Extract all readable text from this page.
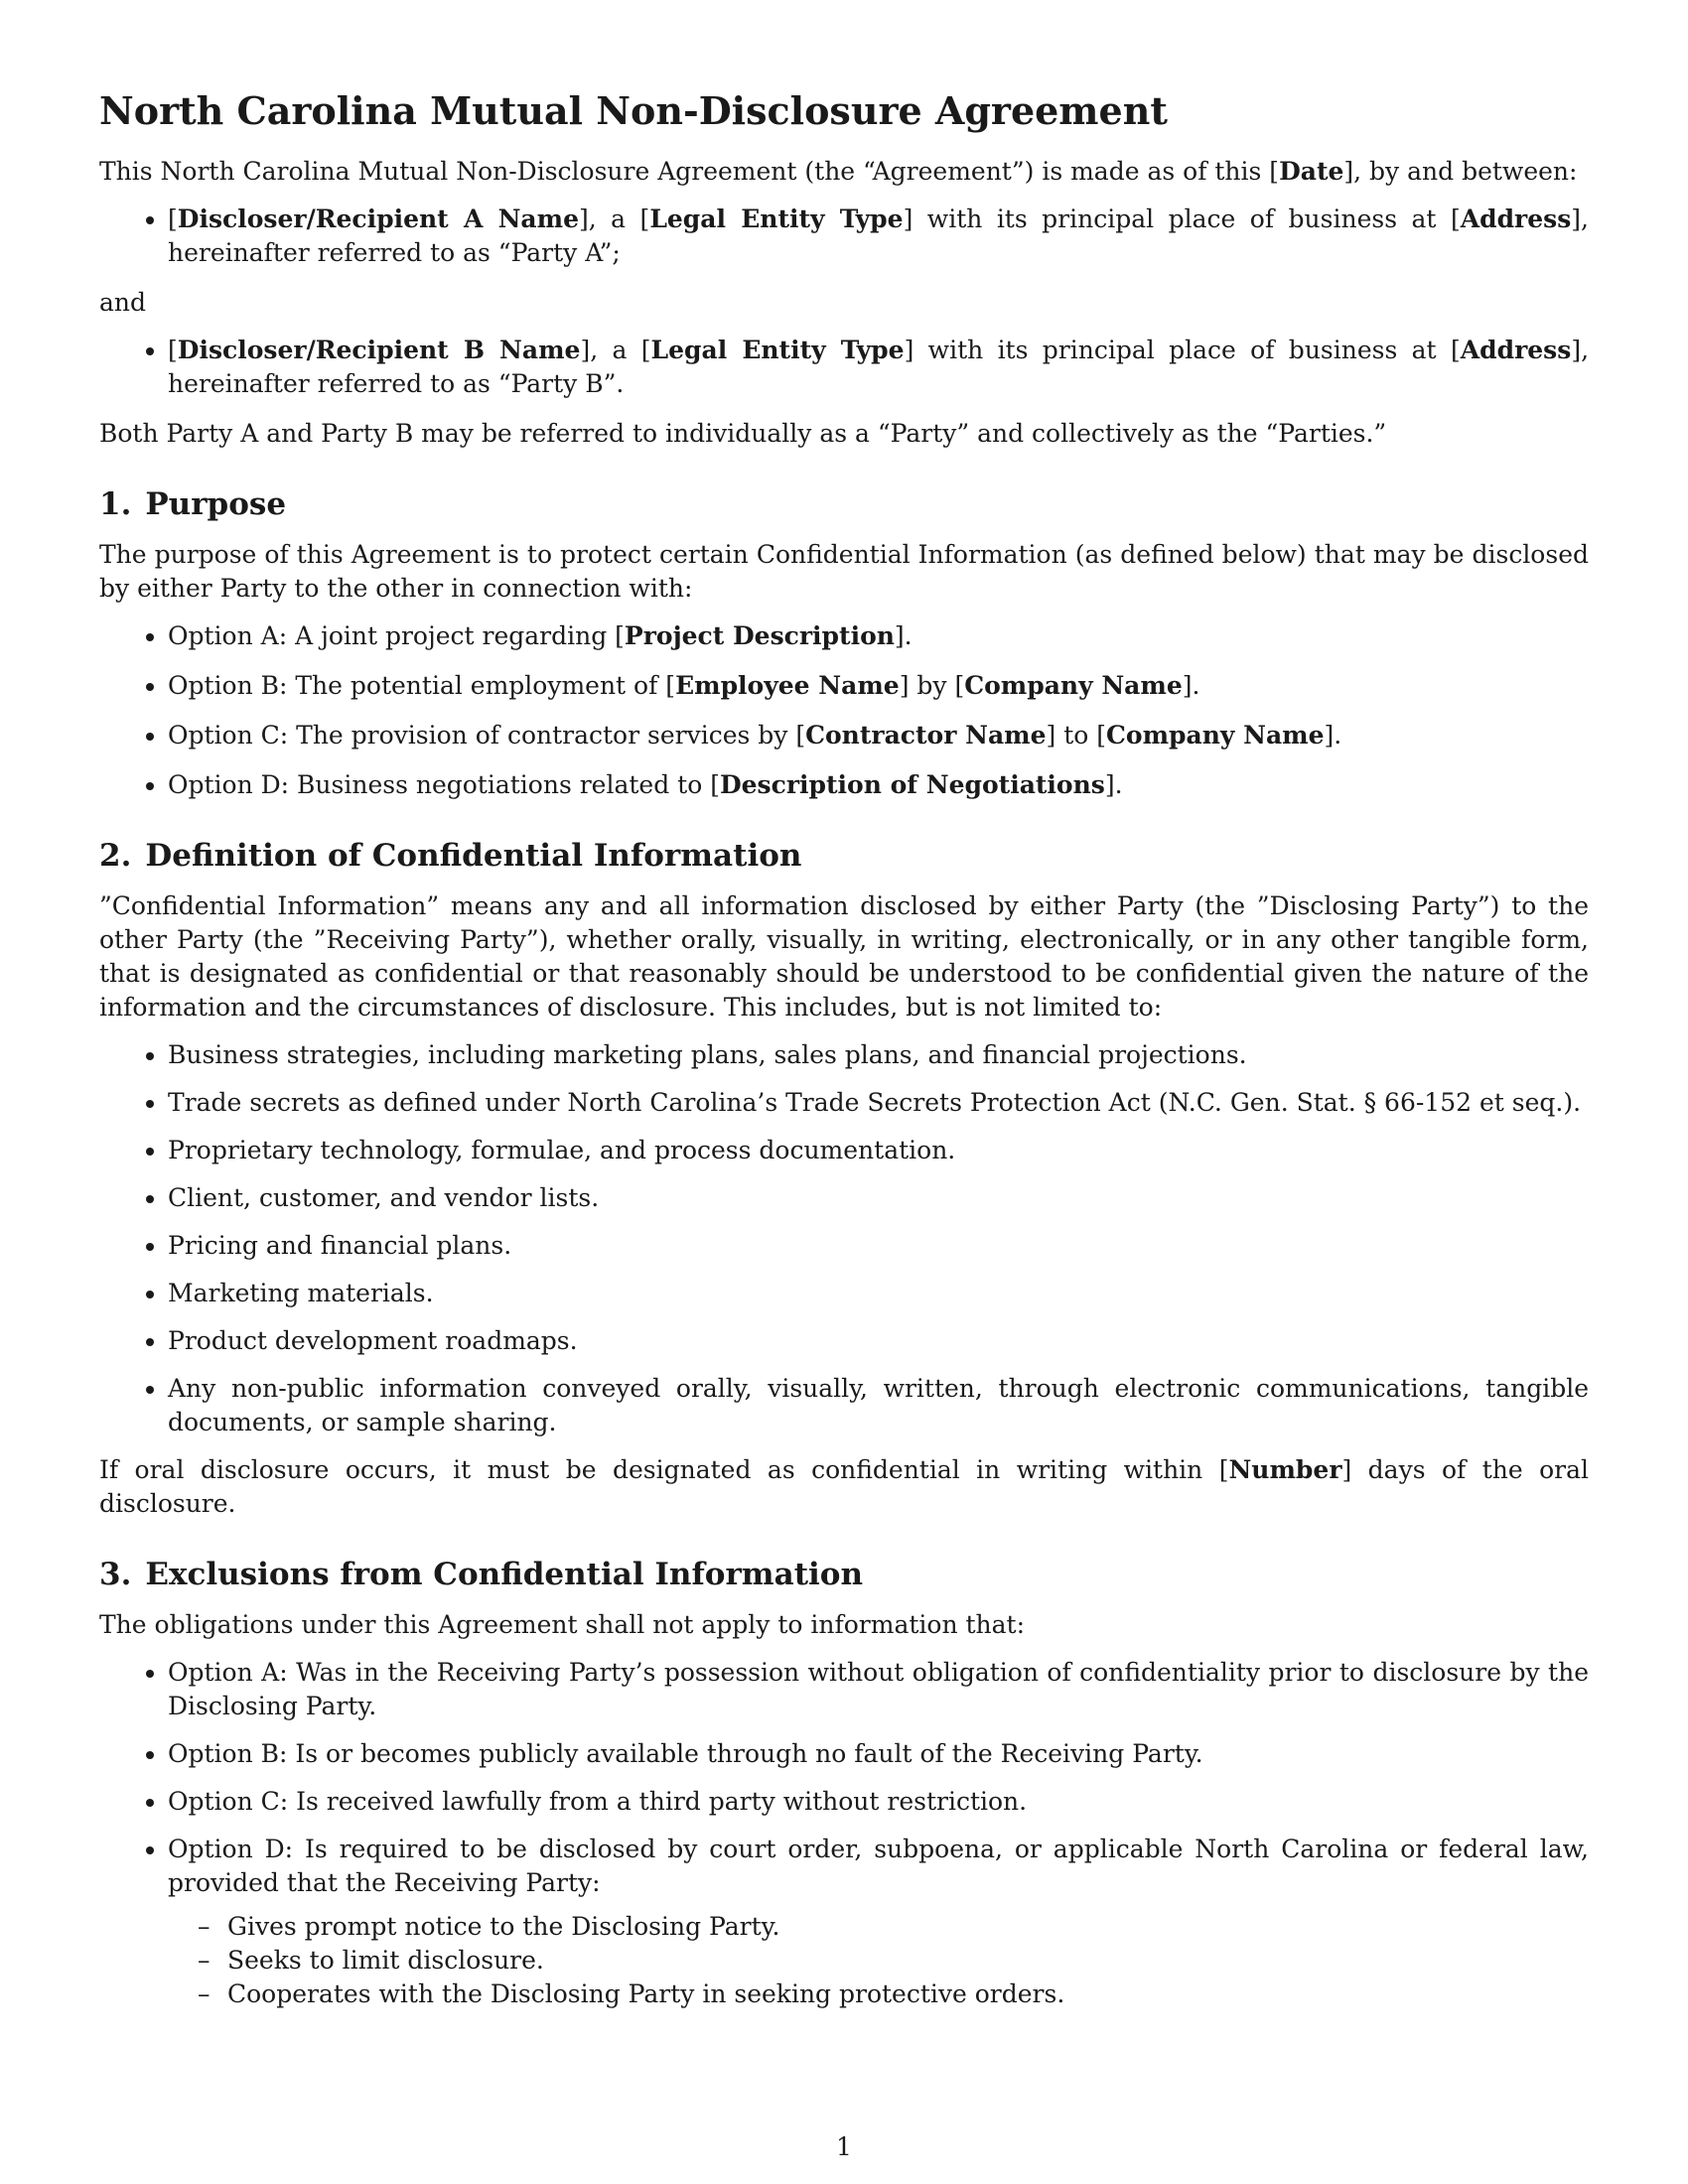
North Carolina Mutual Non-Disclosure Agreement

This North Carolina Mutual Non-Disclosure Agreement (the “Agreement”) is made as of this [Date], by and between:

• [Discloser/Recipient A Name], a [Legal Entity Type] with its principal place of business at [Address], hereinafter referred to as “Party A”;

and

• [Discloser/Recipient B Name], a [Legal Entity Type] with its principal place of business at [Address], hereinafter referred to as “Party B”.

Both Party A and Party B may be referred to individually as a “Party” and collectively as the “Parties.”

1. Purpose

The purpose of this Agreement is to protect certain Confidential Information (as defined below) that may be disclosed by either Party to the other in connection with:

• Option A: A joint project regarding [Project Description].
• Option B: The potential employment of [Employee Name] by [Company Name].
• Option C: The provision of contractor services by [Contractor Name] to [Company Name].
• Option D: Business negotiations related to [Description of Negotiations].
2. Definition of Confidential Information

”Confidential Information” means any and all information disclosed by either Party (the ”Disclosing Party”) to the other Party (the ”Receiving Party”), whether orally, visually, in writing, electronically, or in any other tangible form, that is designated as confidential or that reasonably should be understood to be confidential given the nature of the information and the circumstances of disclosure. This includes, but is not limited to:

• Business strategies, including marketing plans, sales plans, and financial projections.
• Trade secrets as defined under North Carolina’s Trade Secrets Protection Act (N.C. Gen. Stat. § 66-152 et seq.).
• Proprietary technology, formulae, and process documentation.
• Client, customer, and vendor lists.
• Pricing and financial plans.
• Marketing materials.
• Product development roadmaps.
• Any non-public information conveyed orally, visually, written, through electronic communications, tangible documents, or sample sharing.

If oral disclosure occurs, it must be designated as confidential in writing within [Number] days of the oral disclosure.

3. Exclusions from Confidential Information

The obligations under this Agreement shall not apply to information that:

• Option A: Was in the Receiving Party’s possession without obligation of confidentiality prior to disclosure by the Disclosing Party.
• Option B: Is or becomes publicly available through no fault of the Receiving Party.
• Option C: Is received lawfully from a third party without restriction.
• Option D: Is required to be disclosed by court order, subpoena, or applicable North Carolina or federal law, provided that the Receiving Party:
– Gives prompt notice to the Disclosing Party.
– Seeks to limit disclosure.
– Cooperates with the Disclosing Party in seeking protective orders.
1
